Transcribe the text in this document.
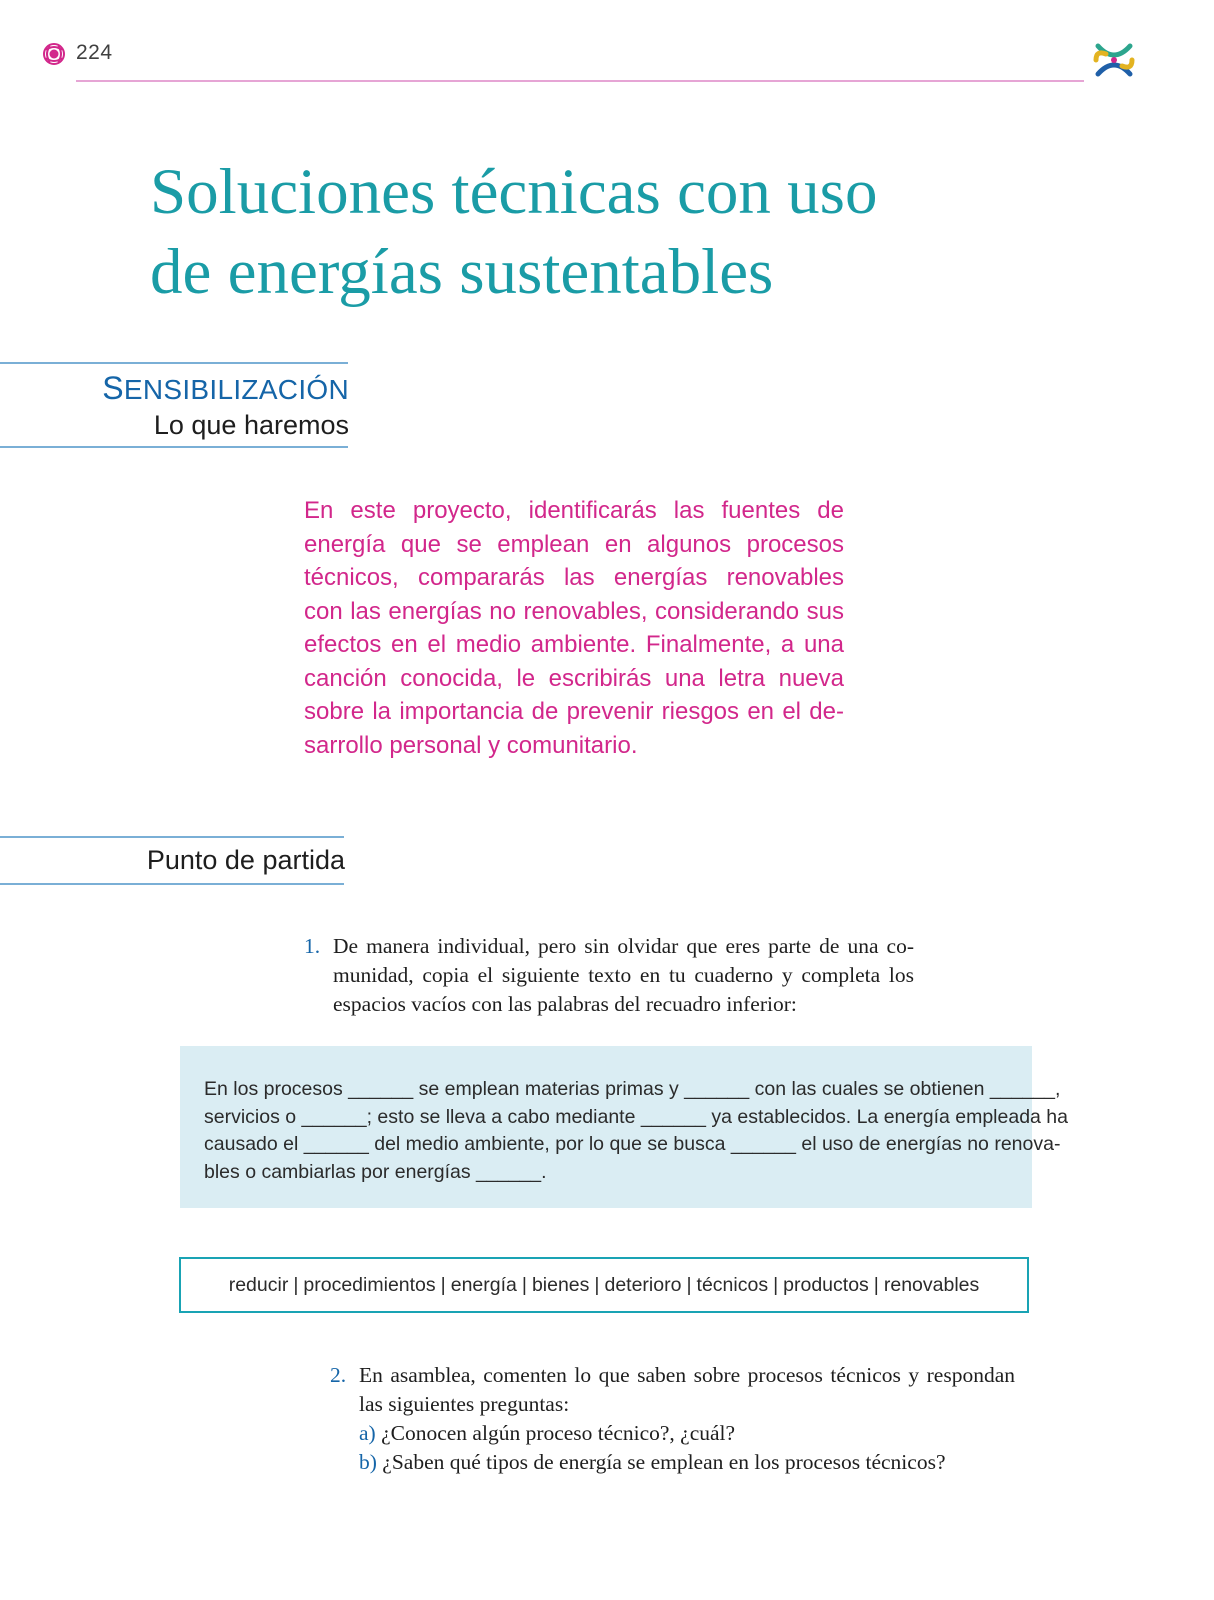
224
Soluciones técnicas con uso
de energías sustentables
SENSIBILIZACIÓN
Lo que haremos

En este proyecto, identificarás las fuentes de
energía que se emplean en algunos procesos
técnicos, compararás las energías renovables
con las energías no renovables, considerando sus
efectos en el medio ambiente. Finalmente, a una
canción conocida, le escribirás una letra nueva
sobre la importancia de prevenir riesgos en el de-
sarrollo personal y comunitario.

Punto de partida
1. De manera individual, pero sin olvidar que eres parte de una co-
munidad, copia el siguiente texto en tu cuaderno y completa los
espacios vacíos con las palabras del recuadro inferior:
En los procesos ______ se emplean materias primas y ______ con las cuales se obtienen ______,
servicios o ______; esto se lleva a cabo mediante ______ ya establecidos. La energía empleada ha
causado el ______ del medio ambiente, por lo que se busca ______ el uso de energías no renova-
bles o cambiarlas por energías ______.
reducir | procedimientos | energía | bienes | deterioro | técnicos | productos | renovables
2. En asamblea, comenten lo que saben sobre procesos técnicos y respondan
las siguientes preguntas:
a) ¿Conocen algún proceso técnico?, ¿cuál?
b) ¿Saben qué tipos de energía se emplean en los procesos técnicos?
